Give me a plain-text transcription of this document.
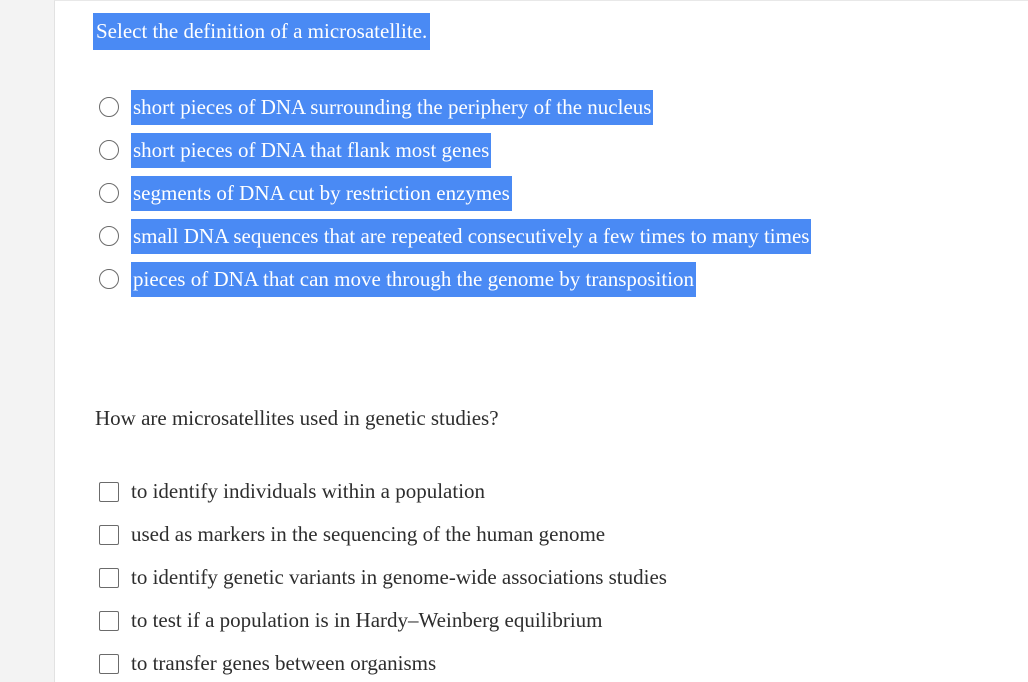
Select the definition of a microsatellite.
short pieces of DNA surrounding the periphery of the nucleus
short pieces of DNA that flank most genes
segments of DNA cut by restriction enzymes
small DNA sequences that are repeated consecutively a few times to many times
pieces of DNA that can move through the genome by transposition
How are microsatellites used in genetic studies?
to identify individuals within a population
used as markers in the sequencing of the human genome
to identify genetic variants in genome-wide associations studies
to test if a population is in Hardy–Weinberg equilibrium
to transfer genes between organisms
